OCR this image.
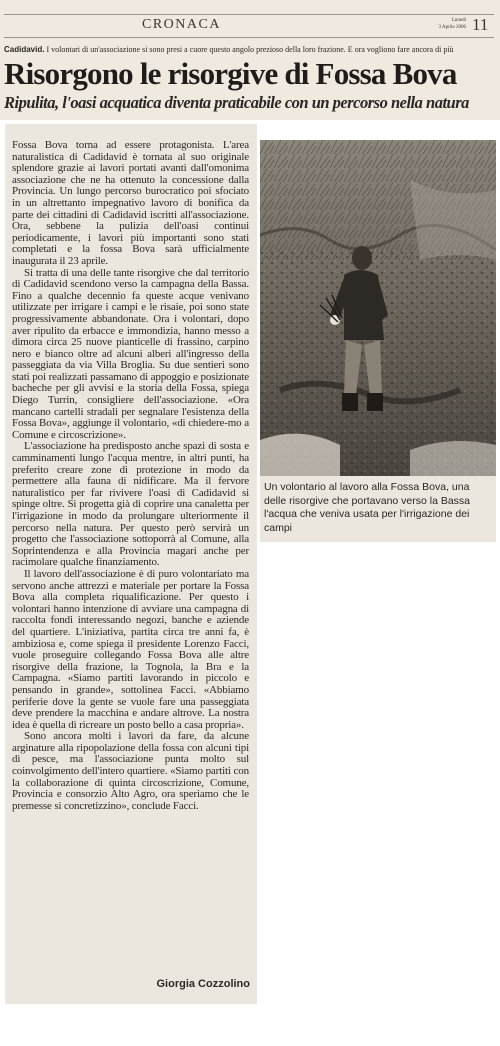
CRONACA	Lunedì
3 Aprile 2006 11
Cadidavid. I volontari di un'associazione si sono presi a cuore questo angolo prezioso della loro frazione. E ora vogliono fare ancora di più
Risorgono le risorgive di Fossa Bova
Ripulita, l'oasi acquatica diventa praticabile con un percorso nella natura

Fossa Bova torna ad essere protagonista. L'area naturalistica di Cadidavid è tornata al suo originale splendore grazie ai lavori portati avanti dall'omonima associazione che ne ha ottenuto la concessione dalla Provincia. Un lungo percorso burocratico poi sfociato in un altrettanto impegnativo lavoro di bonifica da parte dei cittadini di Cadidavid iscritti all'associazione. Ora, sebbene la pulizia dell'oasi continui periodicamente, i lavori più importanti sono stati completati e la fossa Bova sarà ufficialmente inaugurata il 23 aprile.

Si tratta di una delle tante risorgive che dal territorio di Cadidavid scendono verso la campagna della Bassa. Fino a qualche decennio fa queste acque venivano utilizzate per irrigare i campi e le risaie, poi sono state progressivamente abbandonate. Ora i volontari, dopo aver ripulito da erbacce e immondizia, hanno messo a dimora circa 25 nuove pianticelle di frassino, carpino nero e bianco oltre ad alcuni alberi all'ingresso della passeggiata da via Villa Broglia. Su due sentieri sono stati poi realizzati passamano di appoggio e posizionate bacheche per gli avvisi e la storia della Fossa, spiega Diego Turrin, consigliere dell'associazione. «Ora mancano cartelli stradali per segnalare l'esistenza della Fossa Bova», aggiunge il volontario, «di chiedere-mo a Comune e circoscrizione».

L'associazione ha predisposto anche spazi di sosta e camminamenti lungo l'acqua mentre, in altri punti, ha preferito creare zone di protezione in modo da permettere alla fauna di nidificare. Ma il fervore naturalistico per far rivivere l'oasi di Cadidavid si spinge oltre. Si progetta già di coprire una canaletta per l'irrigazione in modo da prolungare ulteriormente il percorso nella natura. Per questo però servirà un progetto che l'associazione sottoporrà al Comune, alla Soprintendenza e alla Provincia magari anche per racimolare qualche finanziamento.

Il lavoro dell'associazione è di puro volontariato ma servono anche attrezzi e materiale per portare la Fossa Bova alla completa riqualificazione. Per questo i volontari hanno intenzione di avviare una campagna di raccolta fondi interessando negozi, banche e aziende del quartiere. L'iniziativa, partita circa tre anni fa, è ambiziosa e, come spiega il presidente Lorenzo Facci, vuole proseguire collegando Fossa Bova alle altre risorgive della frazione, la Tognola, la Bra e la Campagna. «Siamo partiti lavorando in piccolo e pensando in grande», sottolinea Facci. «Abbiamo periferie dove la gente se vuole fare una passeggiata deve prendere la macchina e andare altrove. La nostra idea è quella di ricreare un posto bello a casa propria».

Sono ancora molti i lavori da fare, da alcune arginature alla ripopolazione della fossa con alcuni tipi di pesce, ma l'associazione punta molto sul coinvolgimento dell'intero quartiere. «Siamo partiti con la collaborazione di quinta circoscrizione, Comune, Provincia e consorzio Alto Agro, ora speriamo che le premesse si concretizzino», conclude Facci.

Giorgia Cozzolino
Un volontario al lavoro alla Fossa Bova, una delle risorgive che portavano verso la Bassa l'acqua che veniva usata per l'irrigazione dei campi
